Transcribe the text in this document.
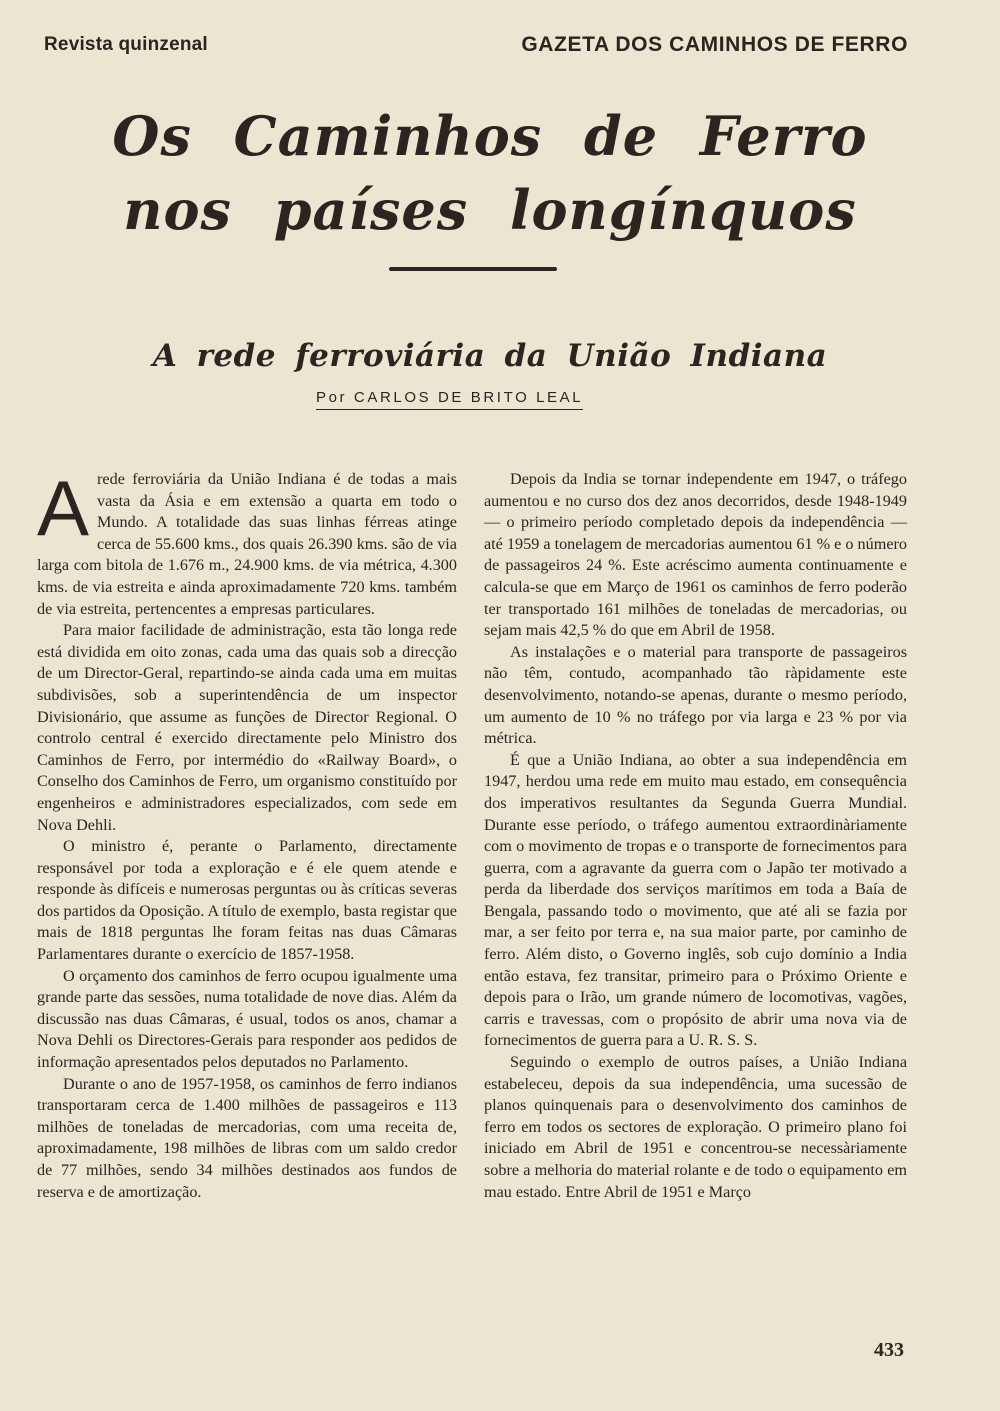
Revista quinzenal	GAZETA DOS CAMINHOS DE FERRO
Os Caminhos de Ferro
nos países longínquos
A rede ferroviária da União Indiana
Por CARLOS DE BRITO LEAL

Arede ferroviária da União Indiana é de todas a mais vasta da Ásia e em extensão a quarta em todo o Mundo. A totalidade das suas linhas férreas atinge cerca de 55.600 kms., dos quais 26.390 kms. são de via larga com bitola de 1.676 m., 24.900 kms. de via métrica, 4.300 kms. de via estreita e ainda aproximadamente 720 kms. também de via estreita, pertencentes a empresas particulares.

Para maior facilidade de administração, esta tão longa rede está dividida em oito zonas, cada uma das quais sob a direcção de um Director-Geral, repartindo-se ainda cada uma em muitas subdivisões, sob a superintendência de um inspector Divisionário, que assume as funções de Director Regional. O controlo central é exercido directamente pelo Ministro dos Caminhos de Ferro, por intermédio do «Railway Board», o Conselho dos Caminhos de Ferro, um organismo constituído por engenheiros e administradores especializados, com sede em Nova Dehli.

O ministro é, perante o Parlamento, directamente responsável por toda a exploração e é ele quem atende e responde às difíceis e numerosas perguntas ou às críticas severas dos partidos da Oposição. A título de exemplo, basta registar que mais de 1818 perguntas lhe foram feitas nas duas Câmaras Parlamentares durante o exercício de 1857-1958.

O orçamento dos caminhos de ferro ocupou igualmente uma grande parte das sessões, numa totalidade de nove dias. Além da discussão nas duas Câmaras, é usual, todos os anos, chamar a Nova Dehli os Directores-Gerais para responder aos pedidos de informação apresentados pelos deputados no Parlamento.

Durante o ano de 1957-1958, os caminhos de ferro indianos transportaram cerca de 1.400 milhões de passageiros e 113 milhões de toneladas de mercadorias, com uma receita de, aproximadamente, 198 milhões de libras com um saldo credor de 77 milhões, sendo 34 milhões destinados aos fundos de reserva e de amortização.

Depois da India se tornar independente em 1947, o tráfego aumentou e no curso dos dez anos decorridos, desde 1948-1949 — o primeiro período completado depois da independência — até 1959 a tonelagem de mercadorias aumentou 61 % e o número de passageiros 24 %. Este acréscimo aumenta continuamente e calcula-se que em Março de 1961 os caminhos de ferro poderão ter transportado 161 milhões de toneladas de mercadorias, ou sejam mais 42,5 % do que em Abril de 1958.

As instalações e o material para transporte de passageiros não têm, contudo, acompanhado tão ràpidamente este desenvolvimento, notando-se apenas, durante o mesmo período, um aumento de 10 % no tráfego por via larga e 23 % por via métrica.

É que a União Indiana, ao obter a sua independência em 1947, herdou uma rede em muito mau estado, em consequência dos imperativos resultantes da Segunda Guerra Mundial. Durante esse período, o tráfego aumentou extraordinàriamente com o movimento de tropas e o transporte de fornecimentos para guerra, com a agravante da guerra com o Japão ter motivado a perda da liberdade dos serviços marítimos em toda a Baía de Bengala, passando todo o movimento, que até ali se fazia por mar, a ser feito por terra e, na sua maior parte, por caminho de ferro. Além disto, o Governo inglês, sob cujo domínio a India então estava, fez transitar, primeiro para o Próximo Oriente e depois para o Irão, um grande número de locomotivas, vagões, carris e travessas, com o propósito de abrir uma nova via de fornecimentos de guerra para a U. R. S. S.

Seguindo o exemplo de outros países, a União Indiana estabeleceu, depois da sua independência, uma sucessão de planos quinquenais para o desenvolvimento dos caminhos de ferro em todos os sectores de exploração. O primeiro plano foi iniciado em Abril de 1951 e concentrou-se necessàriamente sobre a melhoria do material rolante e de todo o equipamento em mau estado. Entre Abril de 1951 e Março

433
